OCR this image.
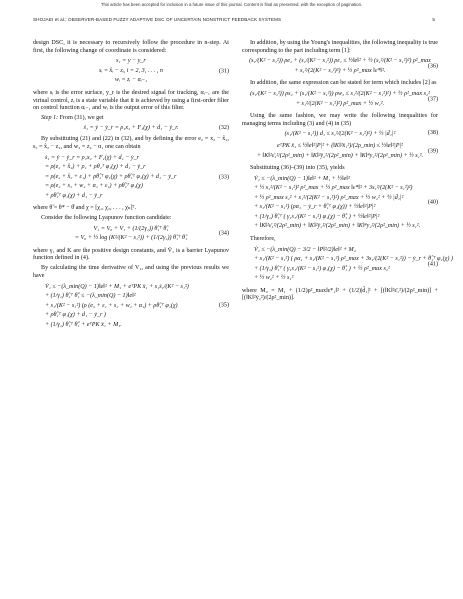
This article has been accepted for inclusion in a future issue of this journal. Content is final as presented, with the exception of pagination.
SHOJAEI et al.: OBSERVER-BASED FUZZY ADAPTIVE DSC OF UNCERTAIN NONSTRICT FEEDBACK SYSTEMS	5

design DSC, it is necessary to recursively follow the procedure in n-step. At first, the following change of coordinate is considered:

s₁ = y − y_r
sᵢ = x̂ᵢ − zᵢ, i = 2, 3, . . . , n
wᵢ = zᵢ − αᵢ₋₁
(31)

where sᵢ is the error surface, y_r is the desired signal for tracking, αᵢ₋₁ are the virtual control, zᵢ is a state variable that it is achieved by using a first-order filter on control function αᵢ₋₁ and wᵢ is the output error of this filter.

Step 1: From (31), we get

ṡ₁ = ẏ − ẏ_r = ρ₁x₂ + F₁(χ) + d₁ − ẏ_r.	(32)

By substituting (21) and (22) in (32), and by defining the error e₂ = x₂ − x̂₂, s₂ = x̂₂ − z₂, and w₂ = z₂ − α₁ one can obtain

ṡ₁ = ẏ − ẏ_r = ρ₁x₂ + F₁(χ) + d₁ − ẏ_r
= ρ(e₂ + x̂₂) + ρ₁ + ρθ₁ᵀ φ₁(χ) + d₁ − ẏ_r
= ρ(e₂ + x̂₂ + ε₁) + ρθ̂₁ᵀ φ₁(χ) + ρθ̃₁ᵀ φ₁(χ) + d₁ − ẏ_r
= ρ(e₂ + s₂ + w₂ + α₁ + ε₁) + ρθ̃₁ᵀ φ₁(χ)
+ ρθ̂₁ᵀ φ₁(χ) + d₁ − ẏ_r
(33)

where θ̃ = θ* − θ̂ and χ = [χ₁, χ₂, . . . , χₙ]ᵀ.

Consider the following Lyapunov function candidate:

V₁ = V₀ + V₁ + (1/(2γ₁)) θ̃₁ᵀ θ̃₁
= V₀ + ½ log (K²/(K² − s₁²)) + (1/(2γ₁)) θ̃₁ᵀ θ̃₁
(34)

where γ₁ and K are the positive design constants, and V̄₁ is a barrier Lyapunov function defined in (4).

By calculating the time derivative of V₁, and using the previous results we have

V̇₁ ≤ −(λ_min(Q) − 1)‖e‖² + M₁ + eᵀPK x̄₁ + s₁ṡ₁/(K² − s₁²)
+ (1/γ₁) θ̃₁ᵀ θ̂̇₁ ≤ −(λ_min(Q) − 1)‖e‖²
+ s₁/(K² − s₁²) (ρ (e₂ + ε₁ + s₂ + w₂ + α₁) + ρθ̃₁ᵀ φ₁(χ)
+ ρθ̂₁ᵀ φ₁(χ) + d₁ − ẏ_r )
+ (1/γ₁) θ̃₁ᵀ θ̂̇₁ + eᵀPK x̄₁ + M₁.
(35)

In addition, by using the Young's inequalities, the following inequality is true corresponding to the part including term [1]:

(s₁/(K² − s₁²)) ρe₂ + (s₁/(K² − s₁²)) ρε₁ ≤ ½‖e‖² + ½ (s₁²/(K² − s₁²)²) ρ²_max
+ s₁²/(2(K² − s₁²)²) + ½ ρ²_max ‖ε*‖².
(36)

In addition, the same expression can be stated for term which includes [2] as

(s₁/(K² − s₁²)) ρs₂ + (s₁/(K² − s₁²)) ρw₂ ≤ s₁²/(2(K² − s₁²)²) + ½ ρ²_max s₂²
+ s₁²/(2(K² − s₁²)²) ρ²_max + ½ w₂².
(37)

Using the same fashion, we may write the following inequalities for managing terms including (3) and (4) in (35)

(s₁/(K² − s₁²)) d₁ ≤ s₁²/(2(K² − s₁²)²) + ½ |d̄₁|²	(38)
eᵀPK x̄₁ ≤ ½‖e‖²|P|² + (‖K‖²x̄₁²)/(2ρ_min) ≤ ½‖e‖²|P|²
+ ‖K‖²ε̄₁²/(2ρ²_min) + ‖K‖²ȳ₂²/(2ρ²_min) + ‖K‖⁴y₂²/(2ρ²_min) + ½ s₁².
(39)

Substituting (36)–(39) into (35), yields

V̇₁ ≤ −(λ_min(Q) − 1)‖e‖² + M₁ + ½‖e‖²
+ ½ s₁²/(K² − s₁²)² ρ²_max + ½ ρ²_max ‖ε*‖² + 3s₁²/(2(K² − s₁²)²)
+ ½ ρ²_max s₂² + s₁²/(2(K² − s₁²)²) ρ²_max + ½ w₂² + ½ |d̄₁|²
+ s₁/(K² − s₁²) (ρα₁ − ẏ_r + θ̂₁ᵀ φ₁(χ)) + ½‖e‖²|P|²
+ (1/γ₁) θ̃₁ᵀ ( γ₁s₁/(K² − s₁²) φ₁(χ) − θ̂̇₁ ) + ½‖e‖²|P|²
+ ‖K‖²ε̄₁²/(2ρ²_min) + ‖K‖²ȳ₂²/(2ρ²_min) + ‖K‖⁴y₂²/(2ρ²_min) + ½ s₁².
(40)

Therefore,

V̇₁ ≤ −(λ_min(Q) − 3/2 − ‖P‖²/2)‖e‖² + M₂
+ s₁/(K² − s₁²) ( ρα₁ + s₁/(K² − s₁²) ρ²_max + 3s₁/(2(K² − s₁²)) − ẏ_r + θ̂₁ᵀ φ₁(χ) )
+ (1/γ₁) θ̃₁ᵀ ( γ₁s₁/(K² − s₁²) φ₁(χ) − θ̂̇₁ ) + ½ ρ²_max s₂²
+ ½ w₂² + ½ s₁²
(41)

where M₂ = M₁ + (1/2)ρ²_max‖ε*₁‖² + (1/2)|d̄₁|² + [(‖K‖²ε̄₁²)/(2ρ²_min)] + [(‖K‖²ȳ₂²)/(2ρ²_min)].
